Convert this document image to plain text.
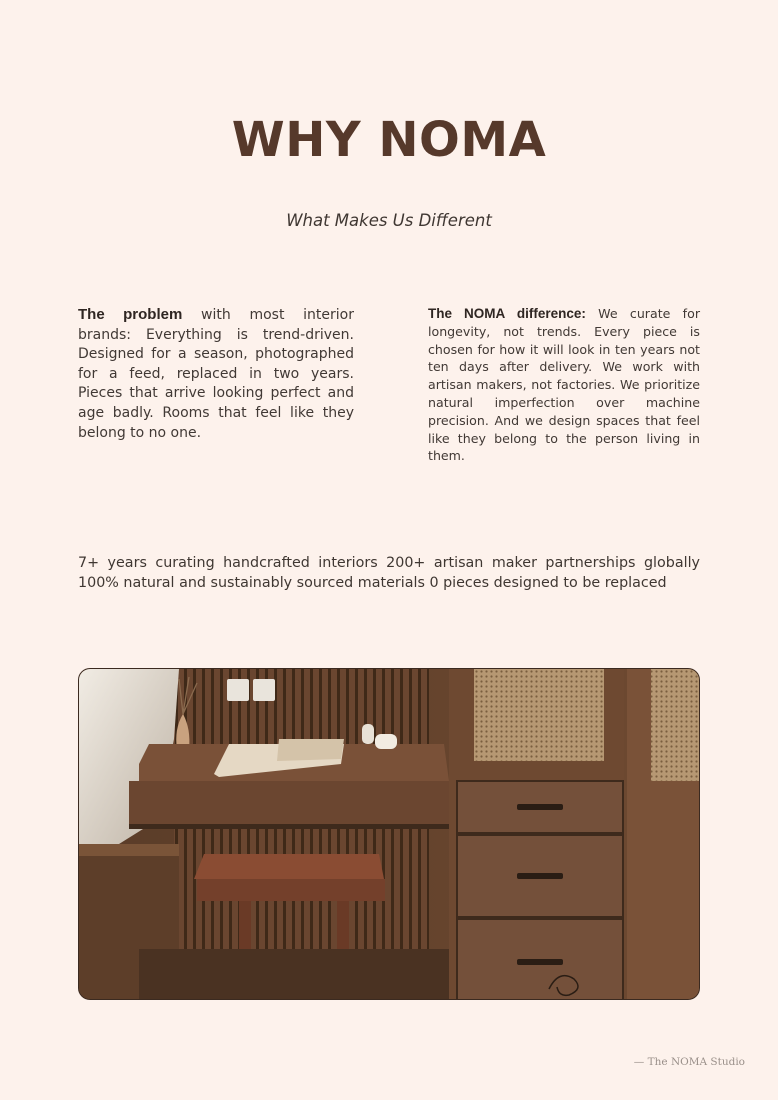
WHY NOMA

What Makes Us Different

The problem with most interior brands: Everything is trend-driven. Designed for a season, photographed for a feed, replaced in two years. Pieces that arrive looking perfect and age badly. Rooms that feel like they belong to no one.

The NOMA difference: We curate for longevity, not trends. Every piece is chosen for how it will look in ten years not ten days after delivery. We work with artisan makers, not factories. We prioritize natural imperfection over machine precision. And we design spaces that feel like they belong to the person living in them.

7+ years curating handcrafted interiors 200+ artisan maker partnerships globally 100% natural and sustainably sourced materials 0 pieces designed to be replaced

— The NOMA Studio
